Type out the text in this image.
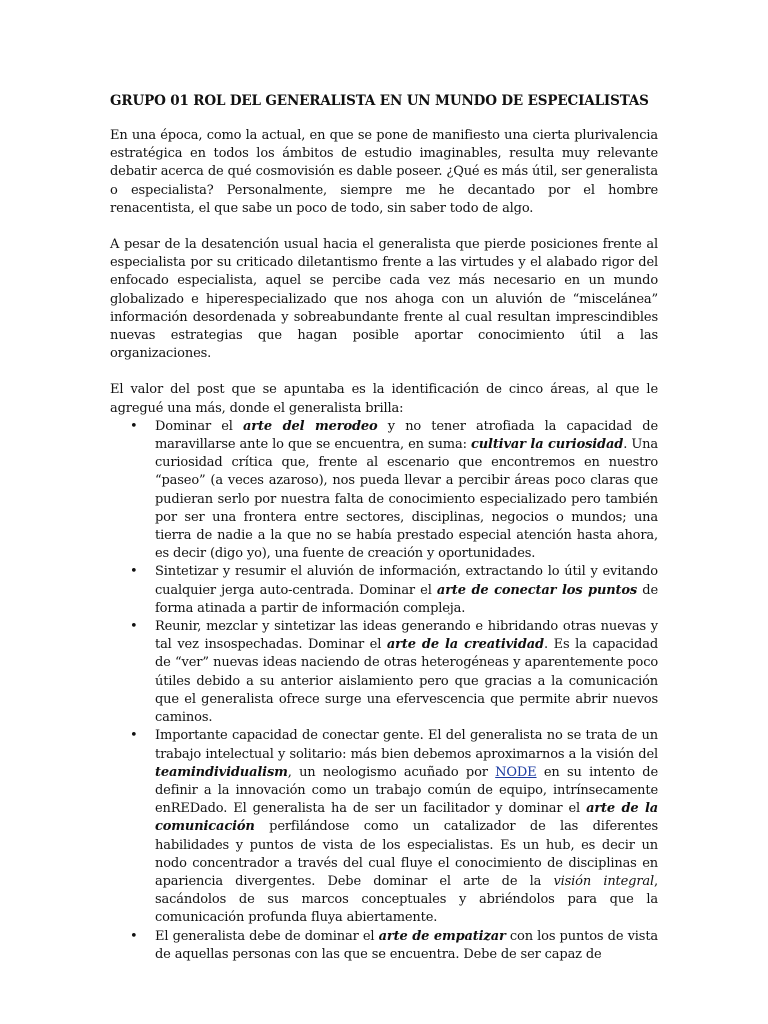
GRUPO 01 ROL DEL GENERALISTA EN UN MUNDO DE ESPECIALISTAS

En una época, como la actual, en que se pone de manifiesto una cierta plurivalencia estratégica en todos los ámbitos de estudio imaginables, resulta muy relevante debatir acerca de qué cosmovisión es dable poseer. ¿Qué es más útil, ser generalista o especialista? Personalmente, siempre me he decantado por el hombre renacentista, el que sabe un poco de todo, sin saber todo de algo.

A pesar de la desatención usual hacia el generalista que pierde posiciones frente al especialista por su criticado diletantismo frente a las virtudes y el alabado rigor del enfocado especialista, aquel se percibe cada vez más necesario en un mundo globalizado e hiperespecializado que nos ahoga con un aluvión de “miscelánea” información desordenada y sobreabundante frente al cual resultan imprescindibles nuevas estrategias que hagan posible aportar conocimiento útil a las organizaciones.

El valor del post que se apuntaba es la identificación de cinco áreas, al que le agregué una más, donde el generalista brilla:

• Dominar el arte del merodeo y no tener atrofiada la capacidad de maravillarse ante lo que se encuentra, en suma: cultivar la curiosidad. Una curiosidad crítica que, frente al escenario que encontremos en nuestro “paseo” (a veces azaroso), nos pueda llevar a percibir áreas poco claras que pudieran serlo por nuestra falta de conocimiento especializado pero también por ser una frontera entre sectores, disciplinas, negocios o mundos; una tierra de nadie a la que no se había prestado especial atención hasta ahora, es decir (digo yo), una fuente de creación y oportunidades.
• Sintetizar y resumir el aluvión de información, extractando lo útil y evitando cualquier jerga auto-centrada. Dominar el arte de conectar los puntos de forma atinada a partir de información compleja.
• Reunir, mezclar y sintetizar las ideas generando e hibridando otras nuevas y tal vez insospechadas. Dominar el arte de la creatividad. Es la capacidad de “ver” nuevas ideas naciendo de otras heterogéneas y aparentemente poco útiles debido a su anterior aislamiento pero que gracias a la comunicación que el generalista ofrece surge una efervescencia que permite abrir nuevos caminos.
• Importante capacidad de conectar gente. El del generalista no se trata de un trabajo intelectual y solitario: más bien debemos aproximarnos a la visión del teamindividualism, un neologismo acuñado por NODE en su intento de definir a la innovación como un trabajo común de equipo, intrínsecamente enREDado. El generalista ha de ser un facilitador y dominar el arte de la comunicación perfilándose como un catalizador de las diferentes habilidades y puntos de vista de los especialistas. Es un hub, es decir un nodo concentrador a través del cual fluye el conocimiento de disciplinas en apariencia divergentes. Debe dominar el arte de la visión integral, sacándolos de sus marcos conceptuales y abriéndolos para que la comunicación profunda fluya abiertamente.
• El generalista debe de dominar el arte de empatizar con los puntos de vista de aquellas personas con las que se encuentra. Debe de ser capaz de
